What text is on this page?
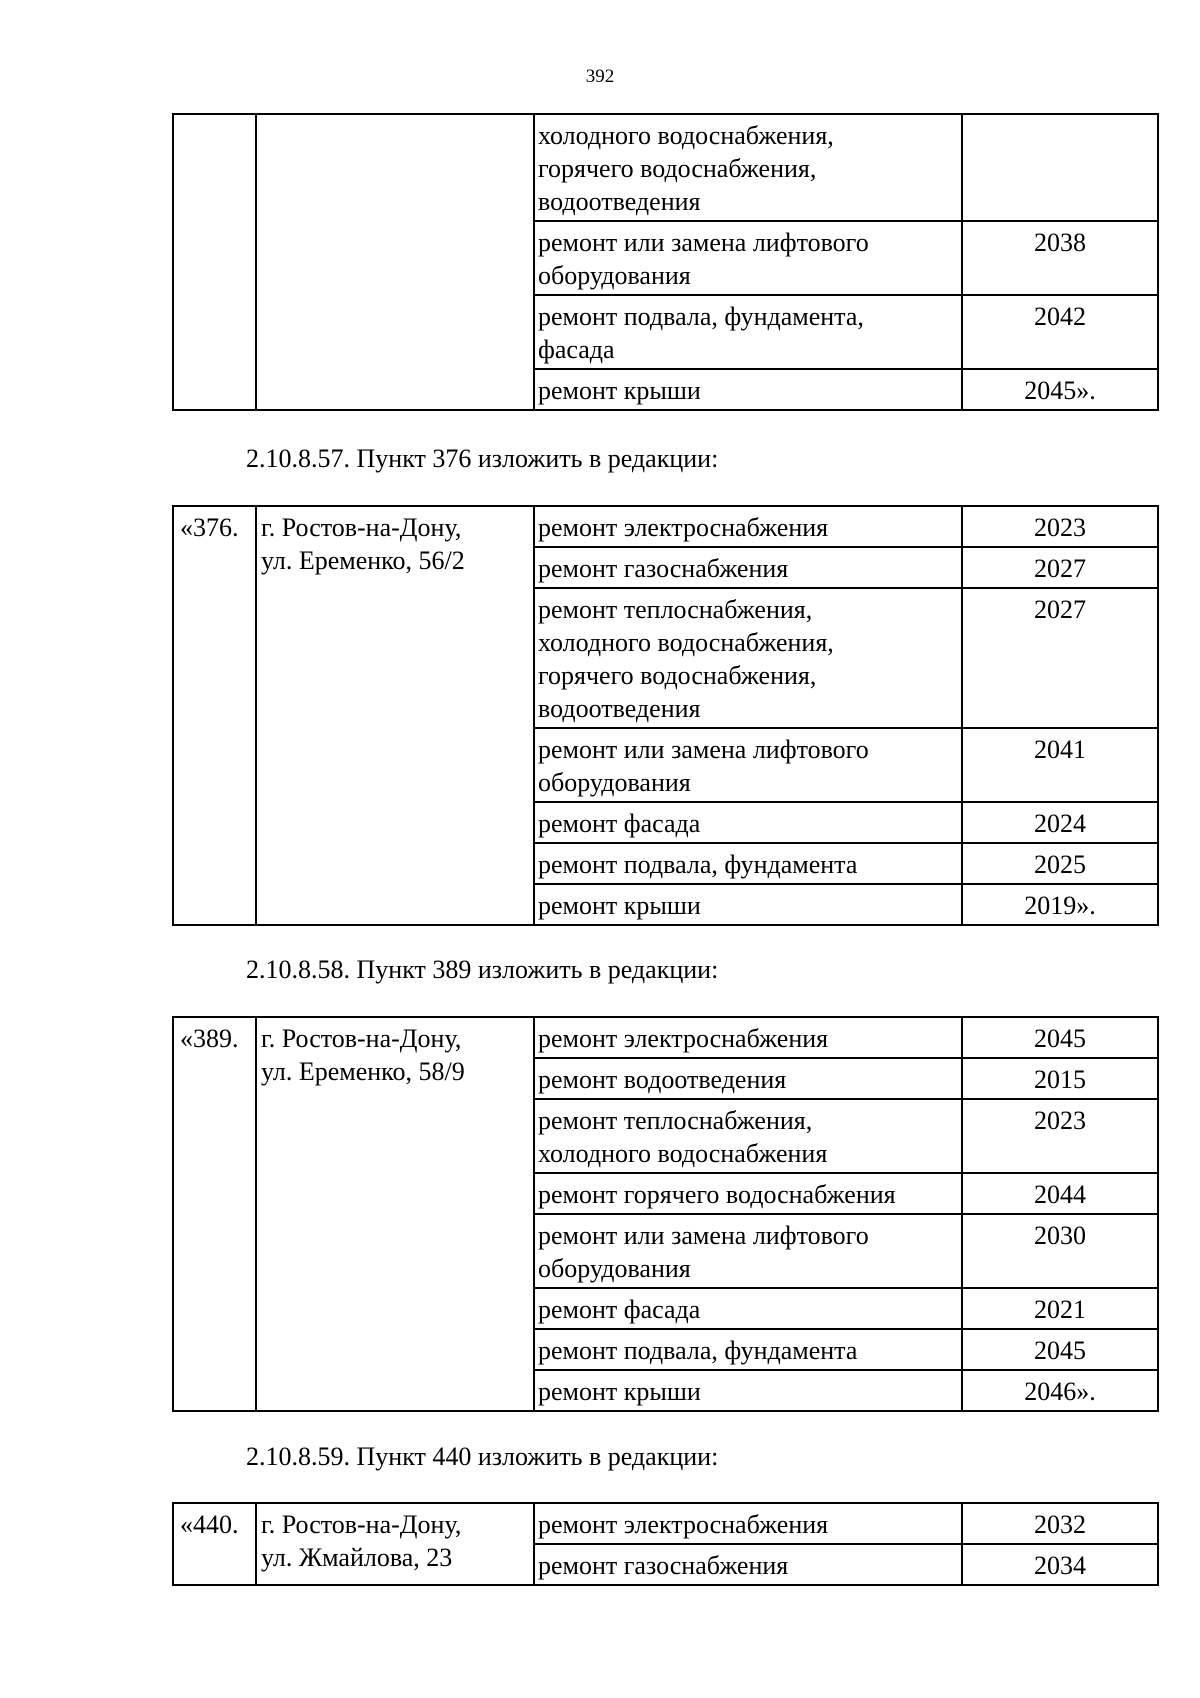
392
		холодного водоснабжения,
горячего водоснабжения,
водоотведения	
		ремонт или замена лифтового
оборудования	2038
		ремонт подвала, фундамента,
фасада	2042
		ремонт крыши	2045».
2.10.8.57. Пункт 376 изложить в редакции:
«376.	г. Ростов-на-Дону,
ул. Еременко, 56/2	ремонт электроснабжения	2023
		ремонт газоснабжения	2027
		ремонт теплоснабжения,
холодного водоснабжения,
горячего водоснабжения,
водоотведения	2027
		ремонт или замена лифтового
оборудования	2041
		ремонт фасада	2024
		ремонт подвала, фундамента	2025
		ремонт крыши	2019».
2.10.8.58. Пункт 389 изложить в редакции:
«389.	г. Ростов-на-Дону,
ул. Еременко, 58/9	ремонт электроснабжения	2045
		ремонт водоотведения	2015
		ремонт теплоснабжения,
холодного водоснабжения	2023
		ремонт горячего водоснабжения	2044
		ремонт или замена лифтового
оборудования	2030
		ремонт фасада	2021
		ремонт подвала, фундамента	2045
		ремонт крыши	2046».
2.10.8.59. Пункт 440 изложить в редакции:
«440.	г. Ростов-на-Дону,
ул. Жмайлова, 23	ремонт электроснабжения	2032
		ремонт газоснабжения	2034
